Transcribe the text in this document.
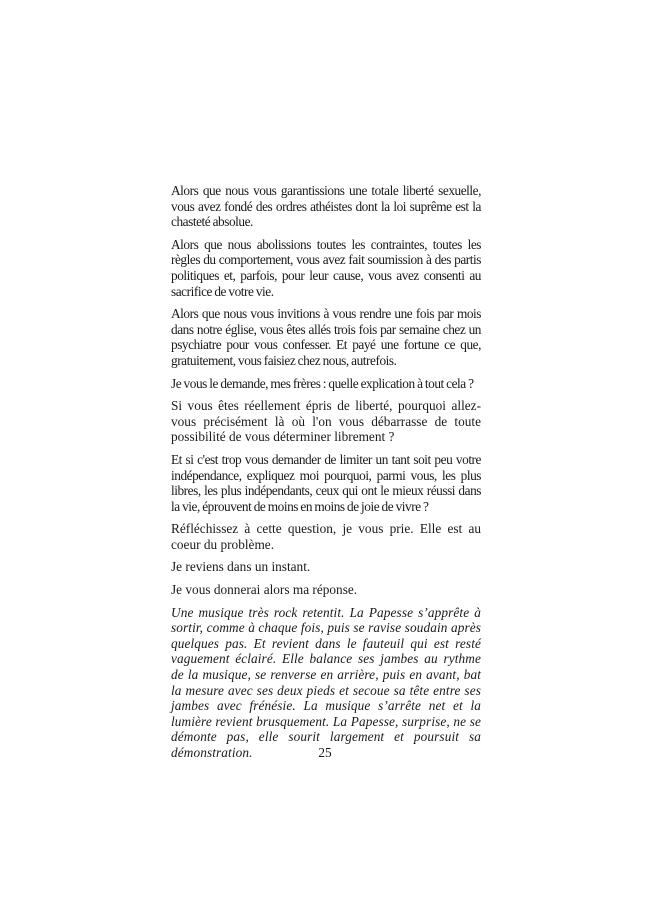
Alors que nous vous garantissions une totale liberté sexuelle, vous avez fondé des ordres athéistes dont la loi suprême est la chasteté absolue.

Alors que nous abolissions toutes les contraintes, toutes les règles du comportement, vous avez fait soumission à des partis politiques et, parfois, pour leur cause, vous avez consenti au sacrifice de votre vie.

Alors que nous vous invitions à vous rendre une fois par mois dans notre église, vous êtes allés trois fois par semaine chez un psychiatre pour vous confesser. Et payé une fortune ce que, gratuitement, vous faisiez chez nous, autrefois.

Je vous le demande, mes frères : quelle explication à tout cela ?

Si vous êtes réellement épris de liberté, pourquoi allez-vous précisément là où l'on vous débarrasse de toute possibilité de vous déterminer librement ?

Et si c'est trop vous demander de limiter un tant soit peu votre indépendance, expliquez moi pourquoi, parmi vous, les plus libres, les plus indépendants, ceux qui ont le mieux réussi dans la vie, éprouvent de moins en moins de joie de vivre ?

Réfléchissez à cette question, je vous prie. Elle est au coeur du problème.

Je reviens dans un instant.

Je vous donnerai alors ma réponse.

Une musique très rock retentit. La Papesse s’apprête à sortir, comme à chaque fois, puis se ravise soudain après quelques pas. Et revient dans le fauteuil qui est resté vaguement éclairé. Elle balance ses jambes au rythme de la musique, se renverse en arrière, puis en avant, bat la mesure avec ses deux pieds et secoue sa tête entre ses jambes avec frénésie. La musique s’arrête net et la lumière revient brusquement. La Papesse, surprise, ne se démonte pas, elle sourit largement et poursuit sa démonstration.	25
